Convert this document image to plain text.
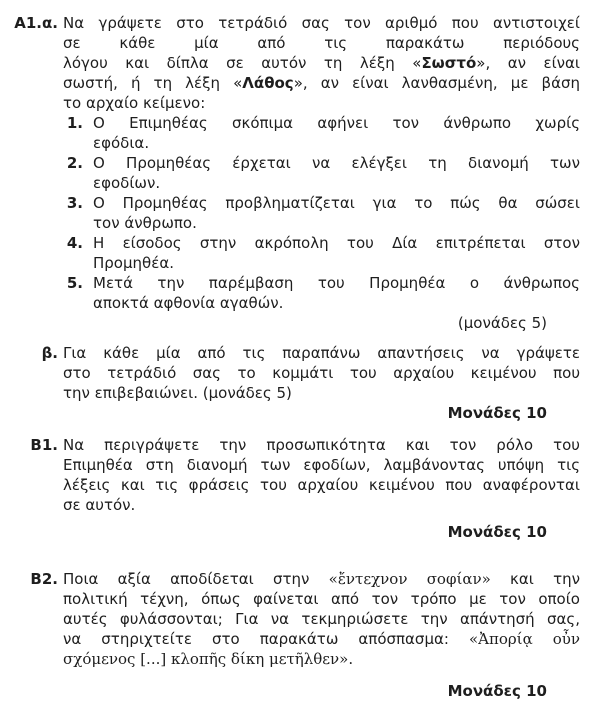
Α1.α. Να γράψετε στο τετράδιό σας τον αριθμό που αντιστοιχεί
σε κάθε μία από τις παρακάτω περιόδους
λόγου και δίπλα σε αυτόν τη λέξη «Σωστό», αν είναι
σωστή, ή τη λέξη «Λάθος», αν είναι λανθασμένη, με βάση
το αρχαίο κείμενο:
1. Ο Επιμηθέας σκόπιμα αφήνει τον άνθρωπο χωρίς
εφόδια.
2. Ο Προμηθέας έρχεται να ελέγξει τη διανομή των
εφοδίων.
3. Ο Προμηθέας προβληματίζεται για το πώς θα σώσει
τον άνθρωπο.
4. Η είσοδος στην ακρόπολη του Δία επιτρέπεται στον
Προμηθέα.
5. Μετά την παρέμβαση του Προμηθέα ο άνθρωπος
αποκτά αφθονία αγαθών.
(μονάδες 5)
β. Για κάθε μία από τις παραπάνω απαντήσεις να γράψετε
στο τετράδιό σας το κομμάτι του αρχαίου κειμένου που
την επιβεβαιώνει. (μονάδες 5)
Μονάδες 10
Β1. Να περιγράψετε την προσωπικότητα και τον ρόλο του
Επιμηθέα στη διανομή των εφοδίων, λαμβάνοντας υπόψη τις
λέξεις και τις φράσεις του αρχαίου κειμένου που αναφέρονται
σε αυτόν.
Μονάδες 10
Β2. Ποια αξία αποδίδεται στην «ἔντεχνον σοφίαν» και την
πολιτική τέχνη, όπως φαίνεται από τον τρόπο με τον οποίο
αυτές φυλάσσονται; Για να τεκμηριώσετε την απάντησή σας,
να στηριχτείτε στο παρακάτω απόσπασμα: «Ἀπορίᾳ οὖν
σχόμενος [...] κλοπῆς δίκη μετῆλθεν».
Μονάδες 10
